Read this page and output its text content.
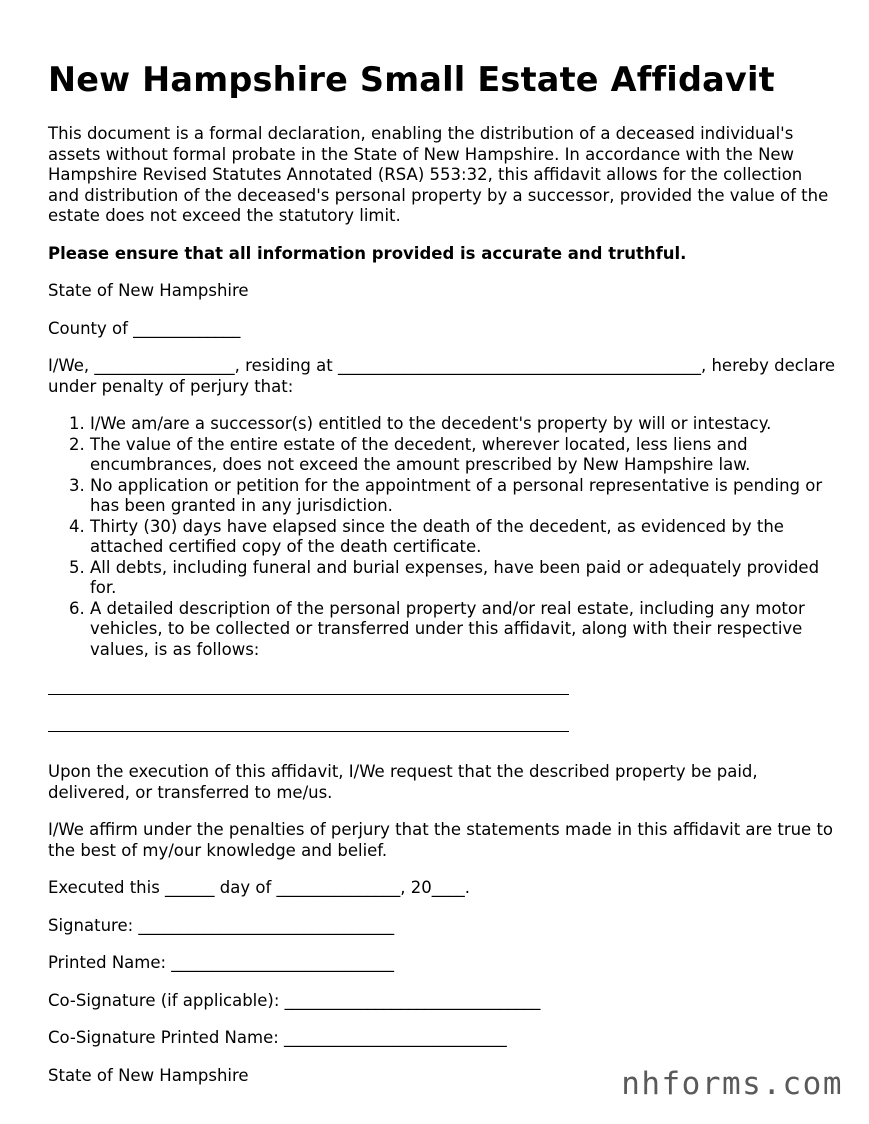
New Hampshire Small Estate Affidavit

This document is a formal declaration, enabling the distribution of a deceased individual's assets without formal probate in the State of New Hampshire. In accordance with the New Hampshire Revised Statutes Annotated (RSA) 553:32, this affidavit allows for the collection and distribution of the deceased's personal property by a successor, provided the value of the estate does not exceed the statutory limit.

Please ensure that all information provided is accurate and truthful.

State of New Hampshire

County of _____________

I/We, _________________, residing at ____________________________________________, hereby declare under penalty of perjury that:

1. I/We am/are a successor(s) entitled to the decedent's property by will or intestacy.
2. The value of the entire estate of the decedent, wherever located, less liens and encumbrances, does not exceed the amount prescribed by New Hampshire law.
3. No application or petition for the appointment of a personal representative is pending or has been granted in any jurisdiction.
4. Thirty (30) days have elapsed since the death of the decedent, as evidenced by the attached certified copy of the death certificate.
5. All debts, including funeral and burial expenses, have been paid or adequately provided for.
6. A detailed description of the personal property and/or real estate, including any motor vehicles, to be collected or transferred under this affidavit, along with their respective values, is as follows:

Upon the execution of this affidavit, I/We request that the described property be paid, delivered, or transferred to me/us.

I/We affirm under the penalties of perjury that the statements made in this affidavit are true to the best of my/our knowledge and belief.

Executed this ______ day of _______________, 20____.

Signature: _______________________________

Printed Name: ___________________________

Co-Signature (if applicable): _______________________________

Co-Signature Printed Name: ___________________________

State of New Hampshire	nhforms.com
